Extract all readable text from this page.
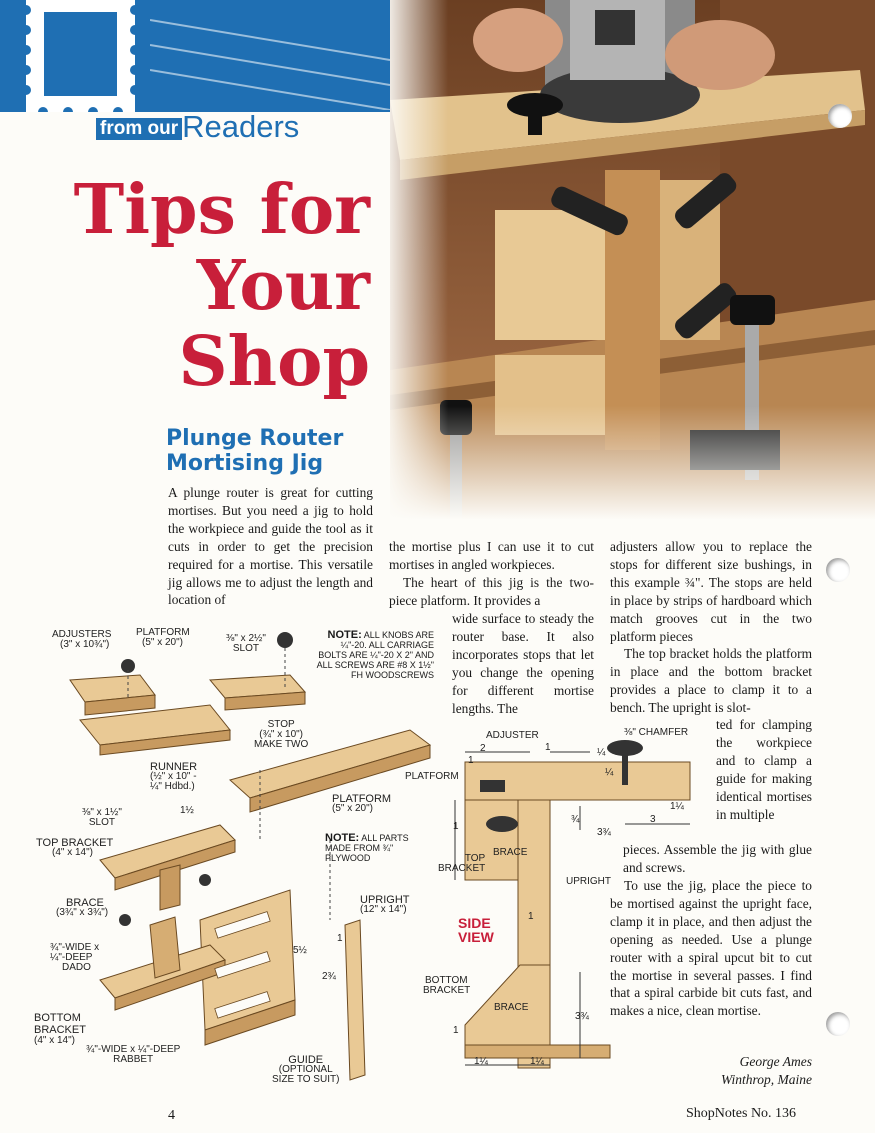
from our Readers
Tips for
Your
Shop
Plunge Router
Mortising Jig

A plunge router is great for cutting mortises. But you need a jig to hold the workpiece and guide the tool as it cuts in order to get the precision required for a mortise. This versatile jig allows me to adjust the length and location of

the mortise plus I can use it to cut mortises in angled workpieces.

The heart of this jig is the two-piece platform. It provides a

wide surface to steady the router base. It also incorporates stops that let you change the opening for different mortise lengths. The

adjusters allow you to replace the stops for different size bushings, in this example ¾". The stops are held in place by strips of hardboard which match grooves cut in the two platform pieces

The top bracket holds the platform in place and the bottom bracket provides a place to clamp it to a bench. The upright is slot-

ted for clamping the workpiece and to clamp a guide for making identical mortises in multiple

pieces. Assemble the jig with glue and screws.

To use the jig, place the piece to be mortised against the upright face, clamp it in place, and then adjust the opening as needed. Use a plunge router with a spiral upcut bit to cut the mortise in several passes. I find that a spiral carbide bit cuts fast, and makes a nice, clean mortise.

George Ames
Winthrop, Maine
ADJUSTERS
(3" x 10¾")
PLATFORM
(5" x 20")	⅜" x 2½"
SLOT
NOTE: ALL KNOBS ARE ¼"-20. ALL CARRIAGE BOLTS ARE ¼"-20 X 2" AND ALL SCREWS ARE #8 X 1½" FH WOODSCREWS
STOP
(¾" x 10")
MAKE TWO
RUNNER
(½" x 10" -
¼" Hdbd.)
1½
PLATFORM
(5" x 20")
⅜" x 1½"
SLOT
TOP BRACKET
(4" x 14")
NOTE: ALL PARTS MADE FROM ¾" PLYWOOD
BRACE
(3¾" x 3¾")
UPRIGHT
(12" x 14")
¾"-WIDE x
¼"-DEEP
DADO
5½
1
2¾
BOTTOM BRACKET
(4" x 14")
¾"-WIDE x ¼"-DEEP
RABBET	GUIDE
(OPTIONAL
SIZE TO SUIT)
ADJUSTER	⅜" CHAMFER
PLATFORM
2	1	¼
¼
1
¾
1¼
3
3¾
1
TOP
BRACKET
BRACE
UPRIGHT
SIDE
VIEW
1
BOTTOM
BRACKET
BRACE
3¾
1
1¼	1¼
4	ShopNotes No. 136
